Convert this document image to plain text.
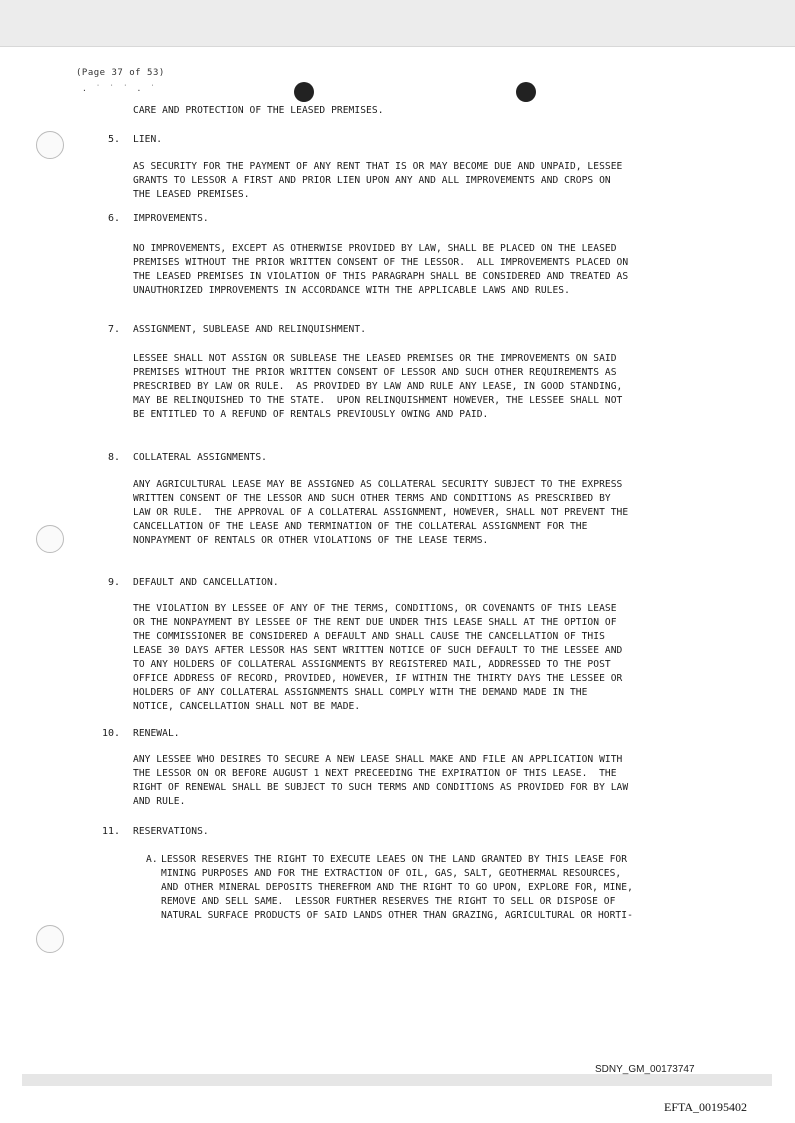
(Page 37 of 53)
. ˙ ˙ ˙ . ˙
CARE AND PROTECTION OF THE LEASED PREMISES.
5. LIEN.
AS SECURITY FOR THE PAYMENT OF ANY RENT THAT IS OR MAY BECOME DUE AND UNPAID, LESSEE
GRANTS TO LESSOR A FIRST AND PRIOR LIEN UPON ANY AND ALL IMPROVEMENTS AND CROPS ON
THE LEASED PREMISES.
6. IMPROVEMENTS.
NO IMPROVEMENTS, EXCEPT AS OTHERWISE PROVIDED BY LAW, SHALL BE PLACED ON THE LEASED
PREMISES WITHOUT THE PRIOR WRITTEN CONSENT OF THE LESSOR.  ALL IMPROVEMENTS PLACED ON
THE LEASED PREMISES IN VIOLATION OF THIS PARAGRAPH SHALL BE CONSIDERED AND TREATED AS
UNAUTHORIZED IMPROVEMENTS IN ACCORDANCE WITH THE APPLICABLE LAWS AND RULES.
7. ASSIGNMENT, SUBLEASE AND RELINQUISHMENT.
LESSEE SHALL NOT ASSIGN OR SUBLEASE THE LEASED PREMISES OR THE IMPROVEMENTS ON SAID
PREMISES WITHOUT THE PRIOR WRITTEN CONSENT OF LESSOR AND SUCH OTHER REQUIREMENTS AS
PRESCRIBED BY LAW OR RULE.  AS PROVIDED BY LAW AND RULE ANY LEASE, IN GOOD STANDING,
MAY BE RELINQUISHED TO THE STATE.  UPON RELINQUISHMENT HOWEVER, THE LESSEE SHALL NOT
BE ENTITLED TO A REFUND OF RENTALS PREVIOUSLY OWING AND PAID.
8. COLLATERAL ASSIGNMENTS.
ANY AGRICULTURAL LEASE MAY BE ASSIGNED AS COLLATERAL SECURITY SUBJECT TO THE EXPRESS
WRITTEN CONSENT OF THE LESSOR AND SUCH OTHER TERMS AND CONDITIONS AS PRESCRIBED BY
LAW OR RULE.  THE APPROVAL OF A COLLATERAL ASSIGNMENT, HOWEVER, SHALL NOT PREVENT THE
CANCELLATION OF THE LEASE AND TERMINATION OF THE COLLATERAL ASSIGNMENT FOR THE
NONPAYMENT OF RENTALS OR OTHER VIOLATIONS OF THE LEASE TERMS.
9. DEFAULT AND CANCELLATION.
THE VIOLATION BY LESSEE OF ANY OF THE TERMS, CONDITIONS, OR COVENANTS OF THIS LEASE
OR THE NONPAYMENT BY LESSEE OF THE RENT DUE UNDER THIS LEASE SHALL AT THE OPTION OF
THE COMMISSIONER BE CONSIDERED A DEFAULT AND SHALL CAUSE THE CANCELLATION OF THIS
LEASE 30 DAYS AFTER LESSOR HAS SENT WRITTEN NOTICE OF SUCH DEFAULT TO THE LESSEE AND
TO ANY HOLDERS OF COLLATERAL ASSIGNMENTS BY REGISTERED MAIL, ADDRESSED TO THE POST
OFFICE ADDRESS OF RECORD, PROVIDED, HOWEVER, IF WITHIN THE THIRTY DAYS THE LESSEE OR
HOLDERS OF ANY COLLATERAL ASSIGNMENTS SHALL COMPLY WITH THE DEMAND MADE IN THE
NOTICE, CANCELLATION SHALL NOT BE MADE.
10. RENEWAL.
ANY LESSEE WHO DESIRES TO SECURE A NEW LEASE SHALL MAKE AND FILE AN APPLICATION WITH
THE LESSOR ON OR BEFORE AUGUST 1 NEXT PRECEEDING THE EXPIRATION OF THIS LEASE.  THE
RIGHT OF RENEWAL SHALL BE SUBJECT TO SUCH TERMS AND CONDITIONS AS PROVIDED FOR BY LAW
AND RULE.
11. RESERVATIONS.
A. LESSOR RESERVES THE RIGHT TO EXECUTE LEAES ON THE LAND GRANTED BY THIS LEASE FOR
MINING PURPOSES AND FOR THE EXTRACTION OF OIL, GAS, SALT, GEOTHERMAL RESOURCES,
AND OTHER MINERAL DEPOSITS THEREFROM AND THE RIGHT TO GO UPON, EXPLORE FOR, MINE,
REMOVE AND SELL SAME.  LESSOR FURTHER RESERVES THE RIGHT TO SELL OR DISPOSE OF
NATURAL SURFACE PRODUCTS OF SAID LANDS OTHER THAN GRAZING, AGRICULTURAL OR HORTI-
SDNY_GM_00173747
EFTA_00195402
